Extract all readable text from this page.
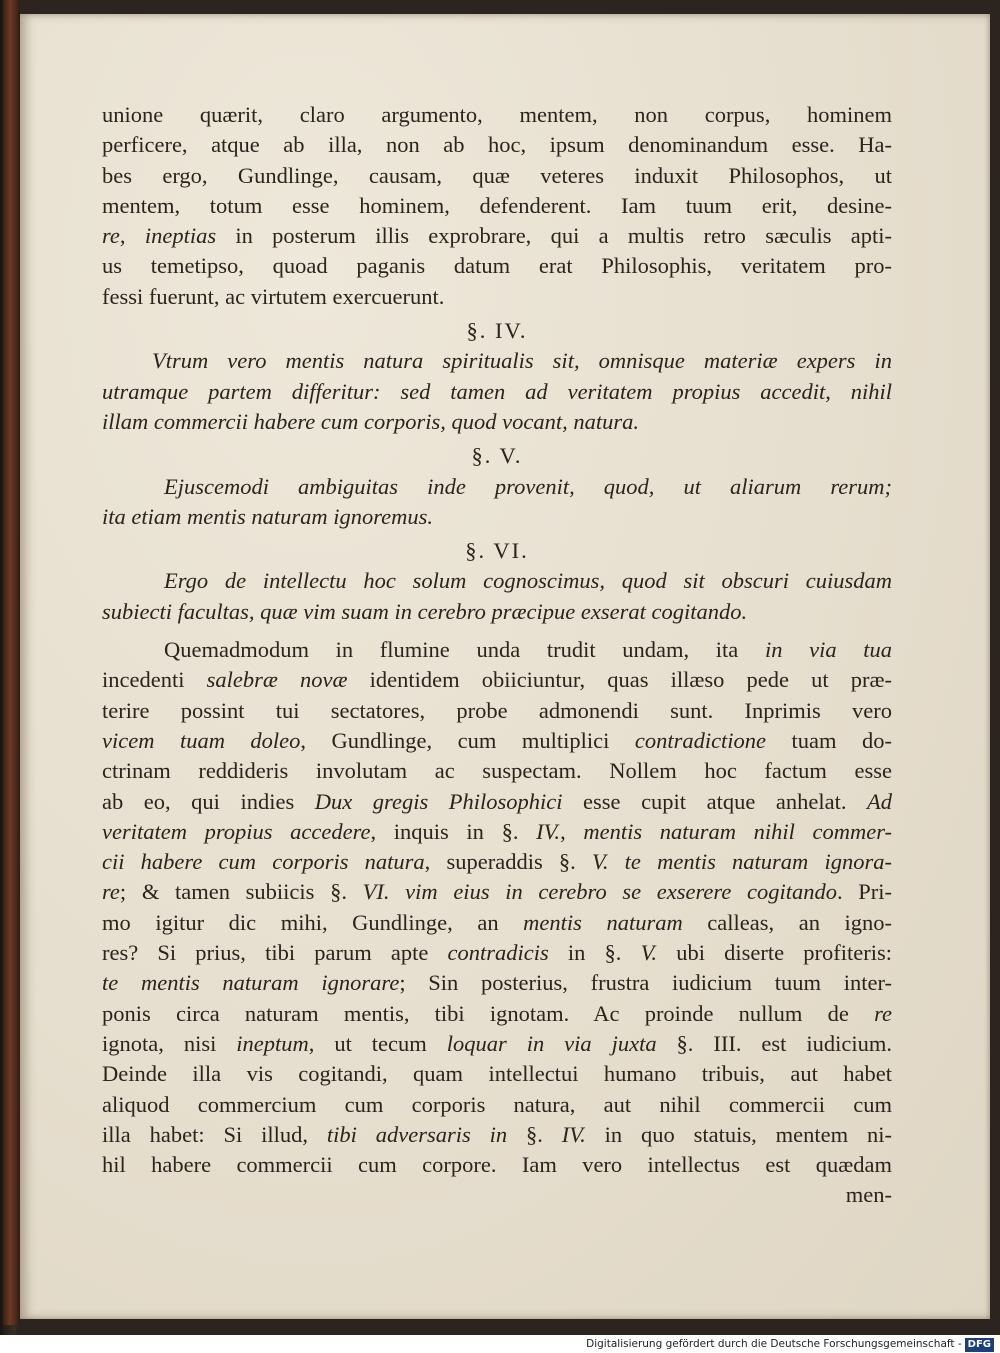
unione quærit, claro argumento, mentem, non corpus, hominem
perficere, atque ab illa, non ab hoc, ipsum denominandum esse. Ha-
bes ergo, Gundlinge, causam, quæ veteres induxit Philosophos, ut
mentem, totum esse hominem, defenderent. Iam tuum erit, desine-
re, ineptias in posterum illis exprobrare, qui a multis retro sæculis apti-
us temetipso, quoad paganis datum erat Philosophis, veritatem pro-
fessi fuerunt, ac virtutem exercuerunt.
§. IV.
Vtrum vero mentis natura spiritualis sit, omnisque materiæ expers in
utramque partem differitur: sed tamen ad veritatem propius accedit, nihil
illam commercii habere cum corporis, quod vocant, natura.
§. V.
Ejuscemodi ambiguitas inde provenit, quod, ut aliarum rerum;
ita etiam mentis naturam ignoremus.
§. VI.
Ergo de intellectu hoc solum cognoscimus, quod sit obscuri cuiusdam
subiecti facultas, quæ vim suam in cerebro præcipue exserat cogitando.
Quemadmodum in flumine unda trudit undam, ita in via tua
incedenti salebræ novæ identidem obiiciuntur, quas illæso pede ut præ-
terire possint tui sectatores, probe admonendi sunt. Inprimis vero
vicem tuam doleo, Gundlinge, cum multiplici contradictione tuam do-
ctrinam reddideris involutam ac suspectam. Nollem hoc factum esse
ab eo, qui indies Dux gregis Philosophici esse cupit atque anhelat. Ad
veritatem propius accedere, inquis in §. IV., mentis naturam nihil commer-
cii habere cum corporis natura, superaddis §. V. te mentis naturam ignora-
re; & tamen subiicis §. VI. vim eius in cerebro se exserere cogitando. Pri-
mo igitur dic mihi, Gundlinge, an mentis naturam calleas, an igno-
res? Si prius, tibi parum apte contradicis in §. V. ubi diserte profiteris:
te mentis naturam ignorare; Sin posterius, frustra iudicium tuum inter-
ponis circa naturam mentis, tibi ignotam. Ac proinde nullum de re
ignota, nisi ineptum, ut tecum loquar in via juxta §. III. est iudicium.
Deinde illa vis cogitandi, quam intellectui humano tribuis, aut habet
aliquod commercium cum corporis natura, aut nihil commercii cum
illa habet: Si illud, tibi adversaris in §. IV. in quo statuis, mentem ni-
hil habere commercii cum corpore. Iam vero intellectus est quædam
men-
Digitalisierung gefördert durch die Deutsche Forschungsgemeinschaft - DFG
